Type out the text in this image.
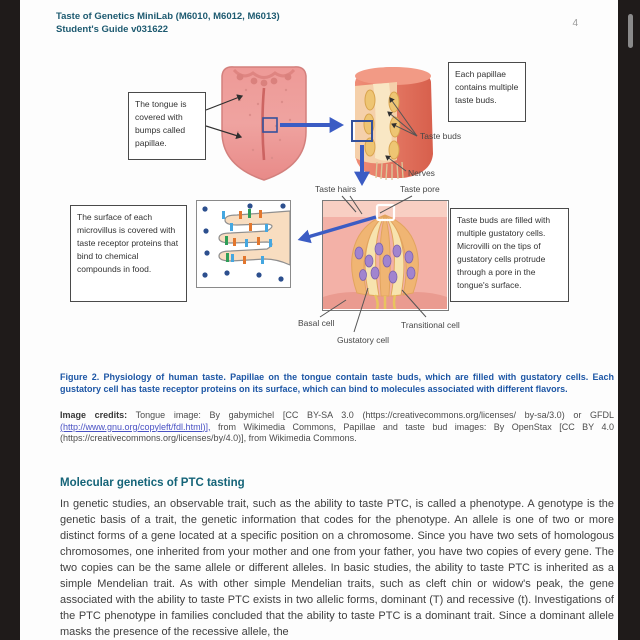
Taste of Genetics MiniLab (M6010, M6012, M6013)
Student's Guide v031622	4
The tongue is covered with bumps called papillae.
Each papillae contains multiple taste buds.
The surface of each microvillus is covered with taste receptor proteins that bind to chemical compounds in food.
Taste buds are filled with multiple gustatory cells. Microvilli on the tips of gustatory cells protrude through a pore in the tongue's surface.
Taste buds
Nerves
Taste hairs	Taste pore
Basal cell
Gustatory cell
Transitional cell
Figure 2. Physiology of human taste. Papillae on the tongue contain taste buds, which are filled with gustatory cells. Each gustatory cell has taste receptor proteins on its surface, which can bind to molecules associated with different flavors.
Image credits: Tongue image: By gabymichel [CC BY-SA 3.0 (https://creativecommons.org/licenses/ by-sa/3.0) or GFDL (http://www.gnu.org/copyleft/fdl.html)], from Wikimedia Commons, Papillae and taste bud images: By OpenStax [CC BY 4.0 (https://creativecommons.org/licenses/by/4.0)], from Wikimedia Commons.
Molecular genetics of PTC tasting
In genetic studies, an observable trait, such as the ability to taste PTC, is called a phenotype. A genotype is the genetic basis of a trait, the genetic information that codes for the phenotype. An allele is one of two or more distinct forms of a gene located at a specific position on a chromosome. Since you have two sets of homologous chromosomes, one inherited from your mother and one from your father, you have two copies of every gene. The two copies can be the same allele or different alleles. In basic studies, the ability to taste PTC is inherited as a simple Mendelian trait. As with other simple Mendelian traits, such as cleft chin or widow's peak, the gene associated with the ability to taste PTC exists in two allelic forms, dominant (T) and recessive (t). Investigations of the PTC phenotype in families concluded that the ability to taste PTC is a dominant trait. Since a dominant allele masks the presence of the recessive allele, the
